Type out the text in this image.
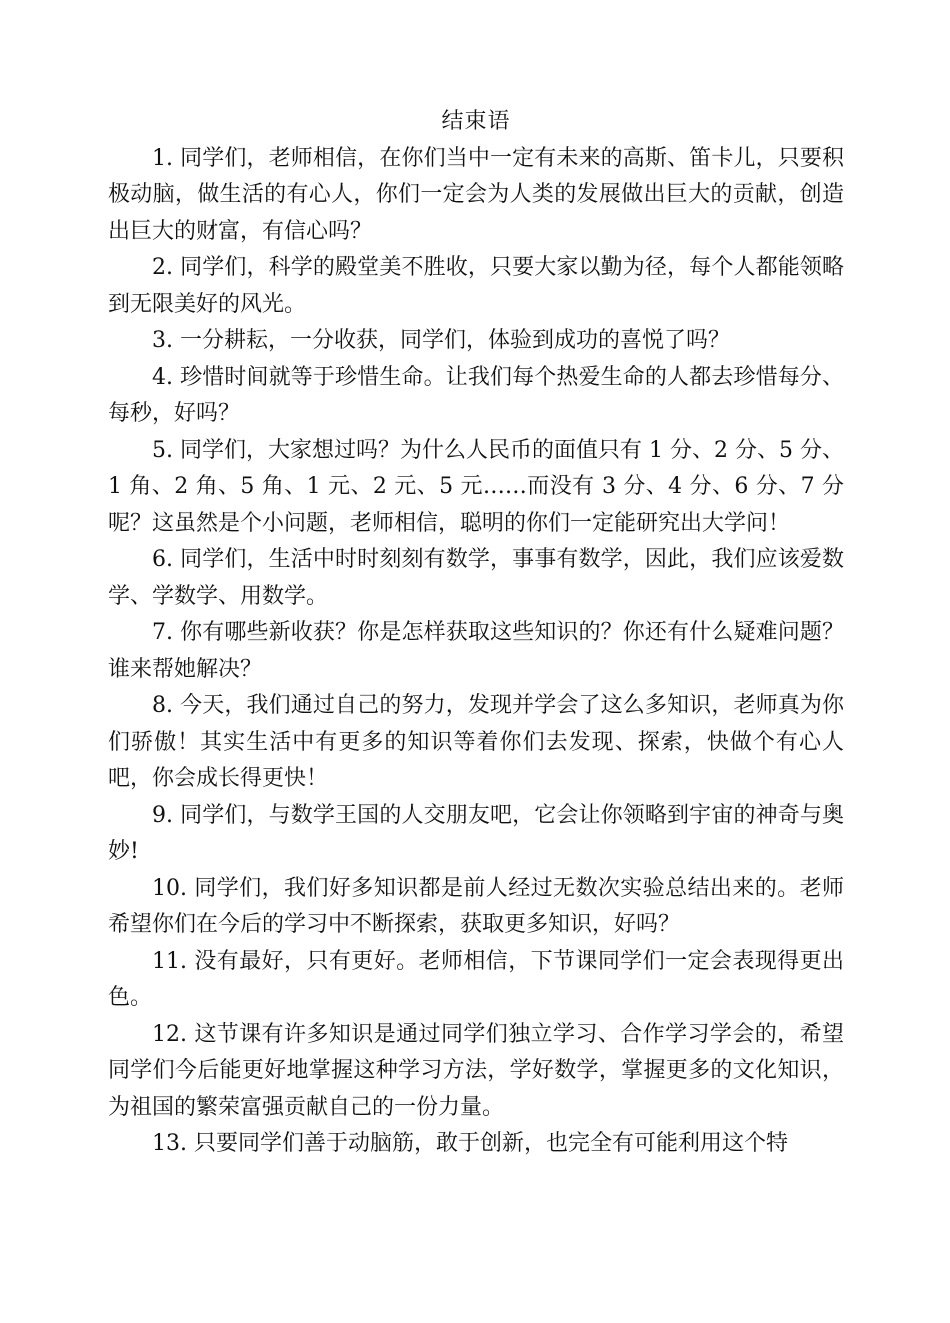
结束语

1. 同学们，老师相信，在你们当中一定有未来的高斯、笛卡儿，只要积极动脑，做生活的有心人，你们一定会为人类的发展做出巨大的贡献，创造出巨大的财富，有信心吗？

2. 同学们，科学的殿堂美不胜收，只要大家以勤为径，每个人都能领略到无限美好的风光。

3. 一分耕耘，一分收获，同学们，体验到成功的喜悦了吗？

4. 珍惜时间就等于珍惜生命。让我们每个热爱生命的人都去珍惜每分、每秒，好吗？

5. 同学们，大家想过吗？为什么人民币的面值只有 1 分、2 分、5 分、1 角、2 角、5 角、1 元、2 元、5 元……而没有 3 分、4 分、6 分、7 分呢？这虽然是个小问题，老师相信，聪明的你们一定能研究出大学问！

6. 同学们，生活中时时刻刻有数学，事事有数学，因此，我们应该爱数学、学数学、用数学。

7. 你有哪些新收获？你是怎样获取这些知识的？你还有什么疑难问题？谁来帮她解决？

8. 今天，我们通过自己的努力，发现并学会了这么多知识，老师真为你们骄傲！其实生活中有更多的知识等着你们去发现、探索，快做个有心人吧，你会成长得更快！

9. 同学们，与数学王国的人交朋友吧，它会让你领略到宇宙的神奇与奥妙!

10. 同学们，我们好多知识都是前人经过无数次实验总结出来的。老师希望你们在今后的学习中不断探索，获取更多知识，好吗？

11. 没有最好，只有更好。老师相信，下节课同学们一定会表现得更出色。

12. 这节课有许多知识是通过同学们独立学习、合作学习学会的，希望同学们今后能更好地掌握这种学习方法，学好数学，掌握更多的文化知识，为祖国的繁荣富强贡献自己的一份力量。

13. 只要同学们善于动脑筋，敢于创新，也完全有可能利用这个特
